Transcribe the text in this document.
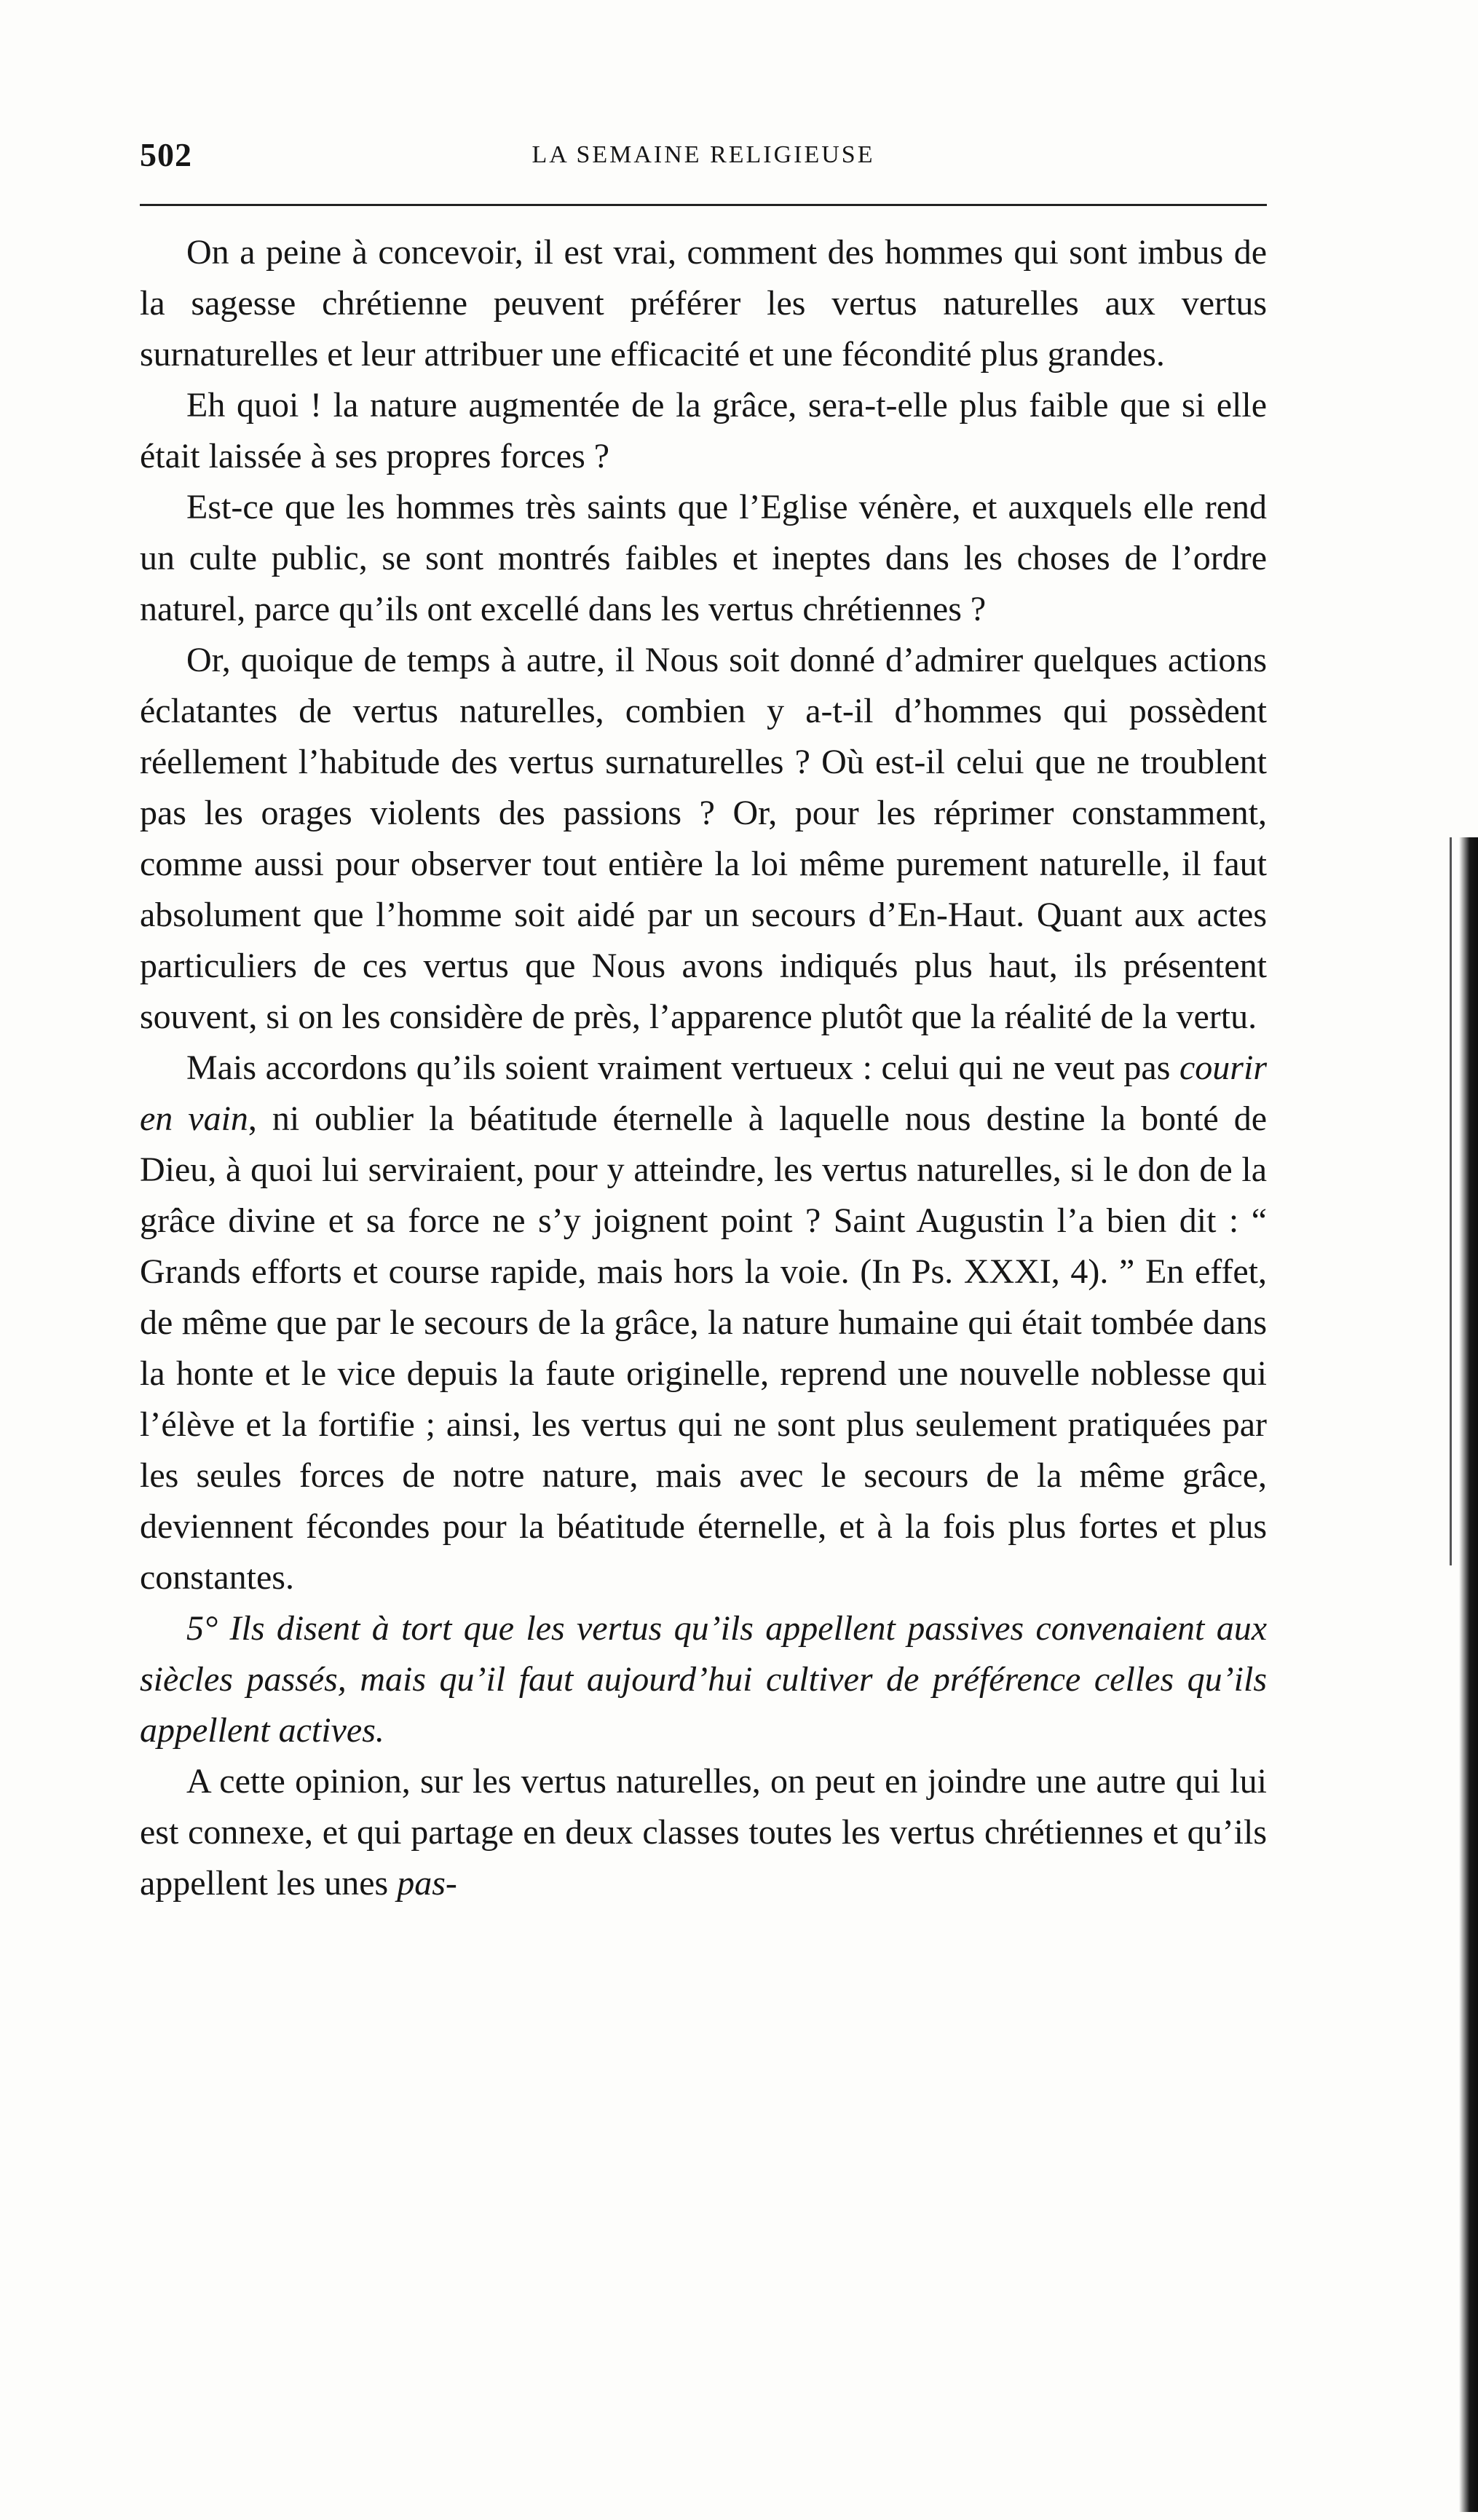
502	LA SEMAINE RELIGIEUSE

On a peine à concevoir, il est vrai, comment des hommes qui sont imbus de la sagesse chrétienne peuvent préférer les vertus naturelles aux vertus surnaturelles et leur attribuer une efficacité et une fécondité plus grandes.

Eh quoi ! la nature augmentée de la grâce, sera-t-elle plus faible que si elle était laissée à ses propres forces ?

Est-ce que les hommes très saints que l’Eglise vénère, et auxquels elle rend un culte public, se sont montrés faibles et ineptes dans les choses de l’ordre naturel, parce qu’ils ont excellé dans les vertus chrétiennes ?

Or, quoique de temps à autre, il Nous soit donné d’admirer quelques actions éclatantes de vertus naturelles, combien y a-t-il d’hommes qui possèdent réellement l’habitude des vertus surnaturelles ? Où est-il celui que ne troublent pas les orages violents des passions ? Or, pour les réprimer constamment, comme aussi pour observer tout entière la loi même purement naturelle, il faut absolument que l’homme soit aidé par un secours d’En-Haut. Quant aux actes particuliers de ces vertus que Nous avons indiqués plus haut, ils présentent souvent, si on les considère de près, l’apparence plutôt que la réalité de la vertu.

Mais accordons qu’ils soient vraiment vertueux : celui qui ne veut pas courir en vain, ni oublier la béatitude éternelle à laquelle nous destine la bonté de Dieu, à quoi lui serviraient, pour y atteindre, les vertus naturelles, si le don de la grâce divine et sa force ne s’y joignent point ? Saint Augustin l’a bien dit : “ Grands efforts et course rapide, mais hors la voie. (In Ps. XXXI, 4). ” En effet, de même que par le secours de la grâce, la nature humaine qui était tombée dans la honte et le vice depuis la faute originelle, reprend une nouvelle noblesse qui l’élève et la fortifie ; ainsi, les vertus qui ne sont plus seulement pratiquées par les seules forces de notre nature, mais avec le secours de la même grâce, deviennent fécondes pour la béatitude éternelle, et à la fois plus fortes et plus constantes.

5° Ils disent à tort que les vertus qu’ils appellent passives convenaient aux siècles passés, mais qu’il faut aujourd’hui cultiver de préférence celles qu’ils appellent actives.

A cette opinion, sur les vertus naturelles, on peut en joindre une autre qui lui est connexe, et qui partage en deux classes toutes les vertus chrétiennes et qu’ils appellent les unes pas-
